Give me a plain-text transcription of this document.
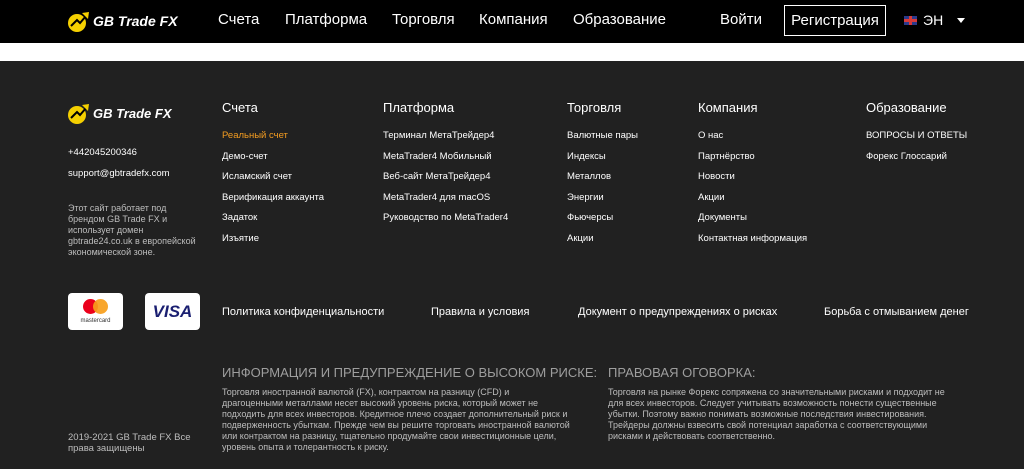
GB Trade FX	Счета Платформа Торговля Компания Образование	Войти	Регистрация	ЭН
GB Trade FX
+442045200346
support@gbtradefx.com
Этот сайт работает под брендом GB Trade FX и использует домен gbtrade24.co.uk в европейской экономической зоне.
mastercard	VISA
Счета
Реальный счет
Демо-счет
Исламский счет
Верификация аккаунта
Задаток
Изъятие
Платформа
Терминал МетаТрейдер4
MetaTrader4 Мобильный
Веб-сайт МетаТрейдер4
MetaTrader4 для macOS
Руководство по MetaTrader4
Торговля
Валютные пары
Индексы
Металлов
Энергии
Фьючерсы
Акции
Компания
О нас
Партнёрство
Новости
Акции
Документы
Контактная информация
Образование
ВОПРОСЫ И ОТВЕТЫ
Форекс Глоссарий
Политика конфиденциальности	Правила и условия	Документ о предупреждениях о рисках	Борьба с отмыванием денег
ИНФОРМАЦИЯ И ПРЕДУПРЕЖДЕНИЕ О ВЫСОКОМ РИСКЕ:
Торговля иностранной валютой (FX), контрактом на разницу (CFD) и
драгоценными металлами несет высокий уровень риска, который может не
подходить для всех инвесторов. Кредитное плечо создает дополнительный риск и
подверженность убыткам. Прежде чем вы решите торговать иностранной валютой
или контрактом на разницу, тщательно продумайте свои инвестиционные цели,
уровень опыта и толерантность к риску.
ПРАВОВАЯ ОГОВОРКА:
Торговля на рынке Форекс сопряжена со значительными рисками и подходит не
для всех инвесторов. Следует учитывать возможность понести существенные
убытки. Поэтому важно понимать возможные последствия инвестирования.
Трейдеры должны взвесить свой потенциал заработка с соответствующими
рисками и действовать соответственно.
2019-2021 GB Trade FX Все права защищены
